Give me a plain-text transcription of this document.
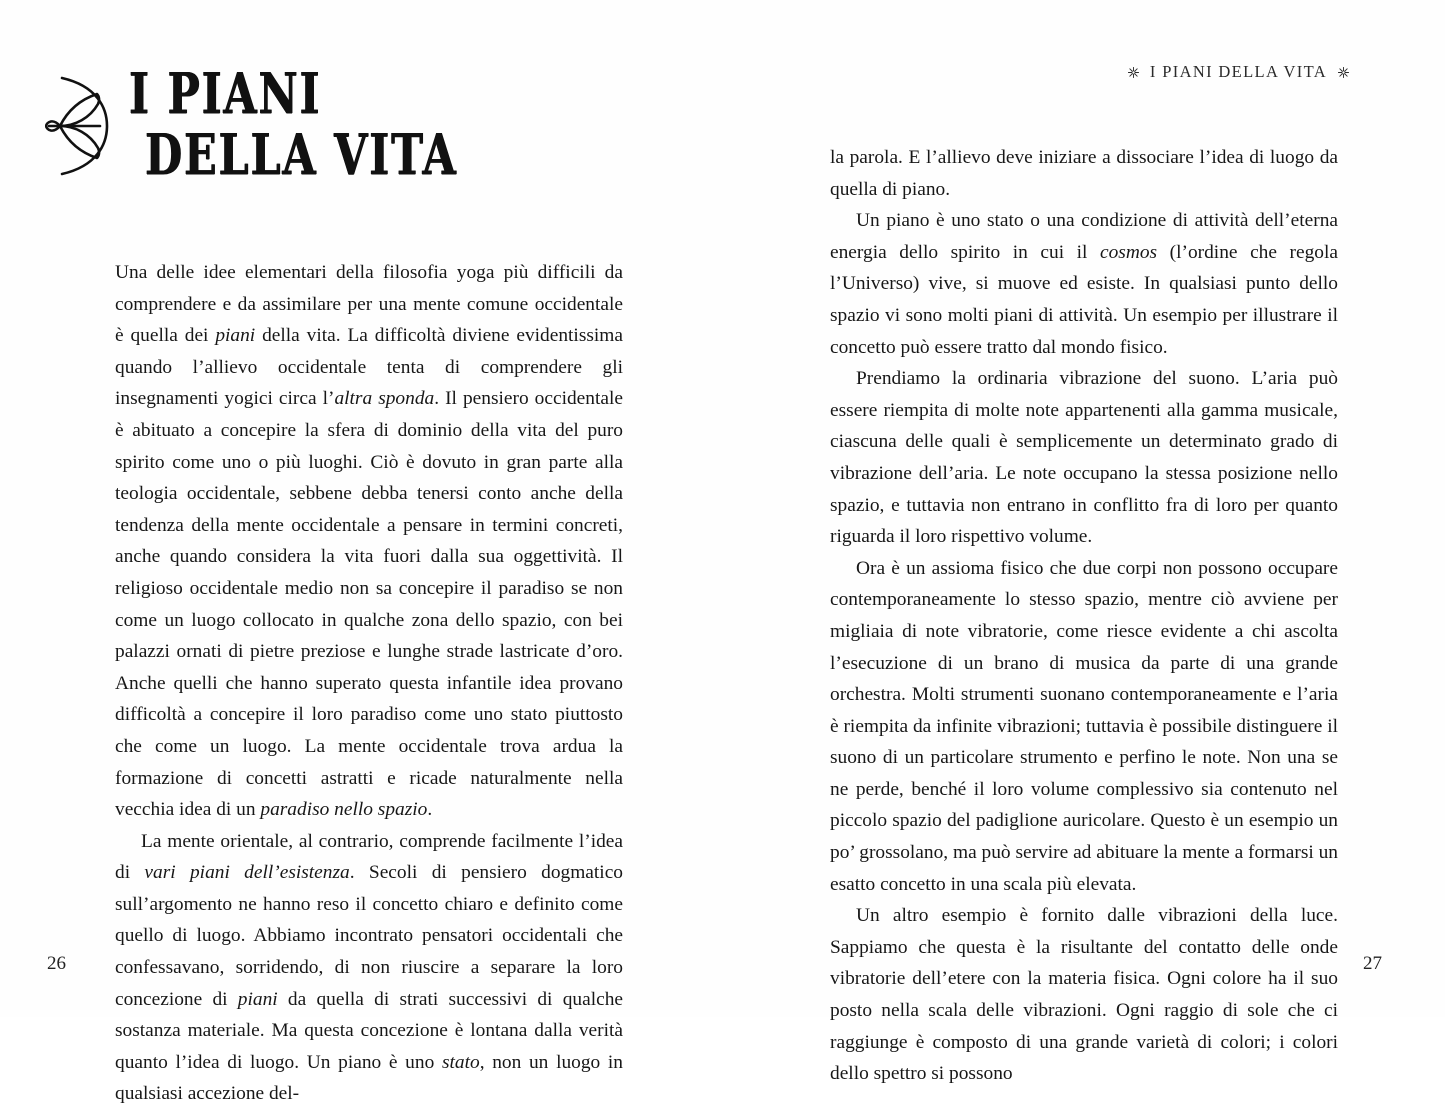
I PIANI DELLA VITA
I PIANI
DELLA VITA

Una delle idee elementari della filosofia yoga più difficili da comprendere e da assimilare per una mente comune occidentale è quella dei piani della vita. La difficoltà diviene evidentissima quando l’allievo occidentale tenta di comprendere gli insegnamenti yogici circa l’altra sponda. Il pensiero occidentale è abituato a concepire la sfera di dominio della vita del puro spirito come uno o più luoghi. Ciò è dovuto in gran parte alla teologia occidentale, sebbene debba tenersi conto anche della tendenza della mente occidentale a pensare in termini concreti, anche quando considera la vita fuori dalla sua oggettività. Il religioso occidentale medio non sa concepire il paradiso se non come un luogo collocato in qualche zona dello spazio, con bei palazzi ornati di pietre preziose e lunghe strade lastricate d’oro. Anche quelli che hanno superato questa infantile idea provano difficoltà a concepire il loro paradiso come uno stato piuttosto che come un luogo. La mente occidentale trova ardua la formazione di concetti astratti e ricade naturalmente nella vecchia idea di un paradiso nello spazio.

La mente orientale, al contrario, comprende facilmente l’idea di vari piani dell’esistenza. Secoli di pensiero dogmatico sull’argomento ne hanno reso il concetto chiaro e definito come quello di luogo. Abbiamo incontrato pensatori occidentali che confessavano, sorridendo, di non riuscire a separare la loro concezione di piani da quella di strati successivi di qualche sostanza materiale. Ma questa concezione è lontana dalla verità quanto l’idea di luogo. Un piano è uno stato, non un luogo in qualsiasi accezione del-

la parola. E l’allievo deve iniziare a dissociare l’idea di luogo da quella di piano.

Un piano è uno stato o una condizione di attività dell’eterna energia dello spirito in cui il cosmos (l’ordine che regola l’Universo) vive, si muove ed esiste. In qualsiasi punto dello spazio vi sono molti piani di attività. Un esempio per illustrare il concetto può essere tratto dal mondo fisico.

Prendiamo la ordinaria vibrazione del suono. L’aria può essere riempita di molte note appartenenti alla gamma musicale, ciascuna delle quali è semplicemente un determinato grado di vibrazione dell’aria. Le note occupano la stessa posizione nello spazio, e tuttavia non entrano in conflitto fra di loro per quanto riguarda il loro rispettivo volume.

Ora è un assioma fisico che due corpi non possono occupare contemporaneamente lo stesso spazio, mentre ciò avviene per migliaia di note vibratorie, come riesce evidente a chi ascolta l’esecuzione di un brano di musica da parte di una grande orchestra. Molti strumenti suonano contemporaneamente e l’aria è riempita da infinite vibrazioni; tuttavia è possibile distinguere il suono di un particolare strumento e perfino le note. Non una se ne perde, benché il loro volume complessivo sia contenuto nel piccolo spazio del padiglione auricolare. Questo è un esempio un po’ grossolano, ma può servire ad abituare la mente a formarsi un esatto concetto in una scala più elevata.

Un altro esempio è fornito dalle vibrazioni della luce. Sappiamo che questa è la risultante del contatto delle onde vibratorie dell’etere con la materia fisica. Ogni colore ha il suo posto nella scala delle vibrazioni. Ogni raggio di sole che ci raggiunge è composto di una grande varietà di colori; i colori dello spettro si possono

26	27
